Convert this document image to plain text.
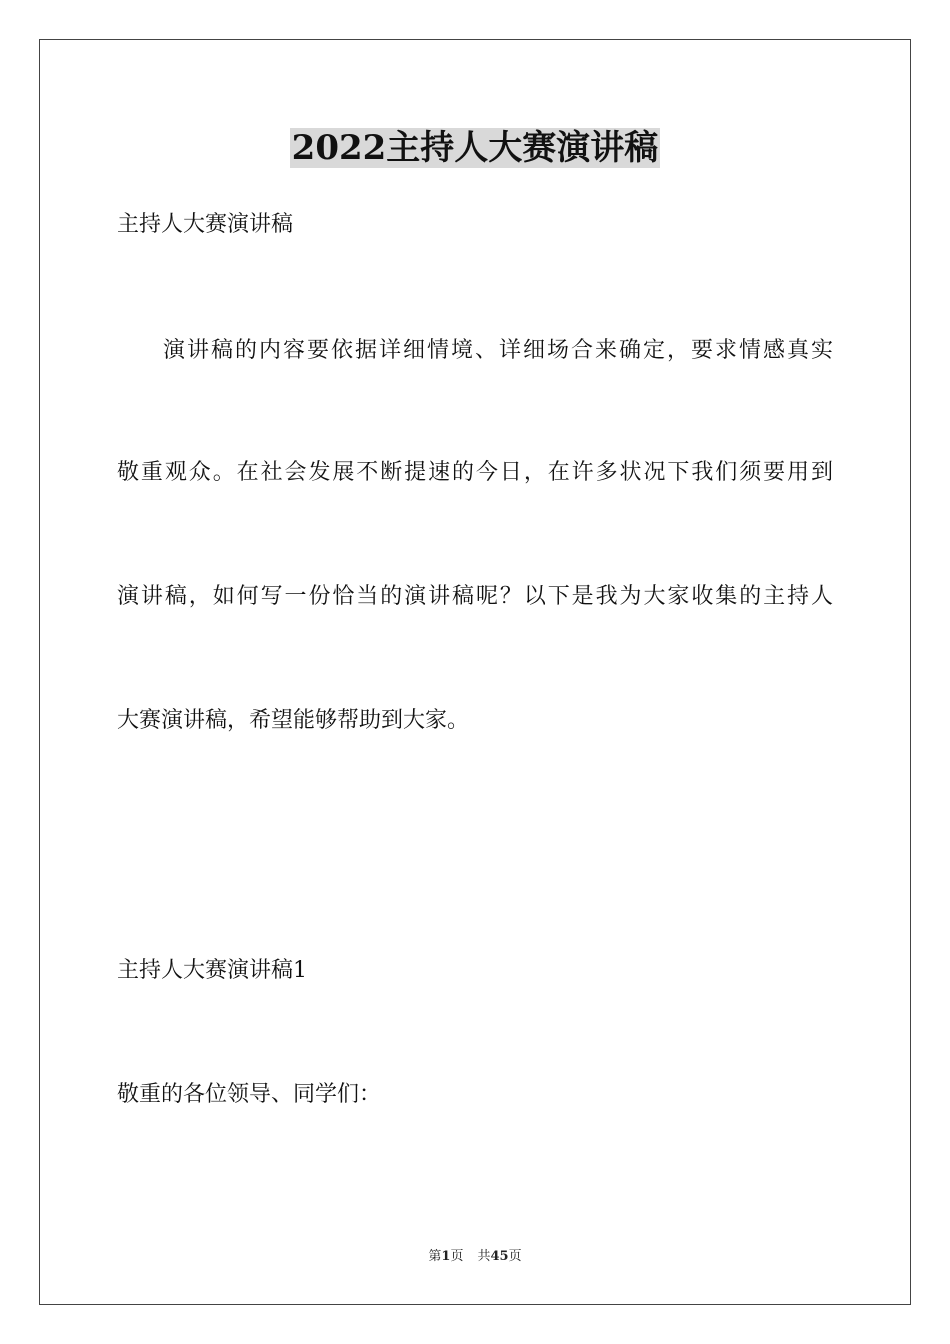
2022主持人大赛演讲稿
主持人大赛演讲稿
演讲稿的内容要依据详细情境、详细场合来确定，要求情感真实
敬重观众。在社会发展不断提速的今日，在许多状况下我们须要用到
演讲稿，如何写一份恰当的演讲稿呢？以下是我为大家收集的主持人
大赛演讲稿，希望能够帮助到大家。
主持人大赛演讲稿1
敬重的各位领导、同学们：
第1页 共45页
